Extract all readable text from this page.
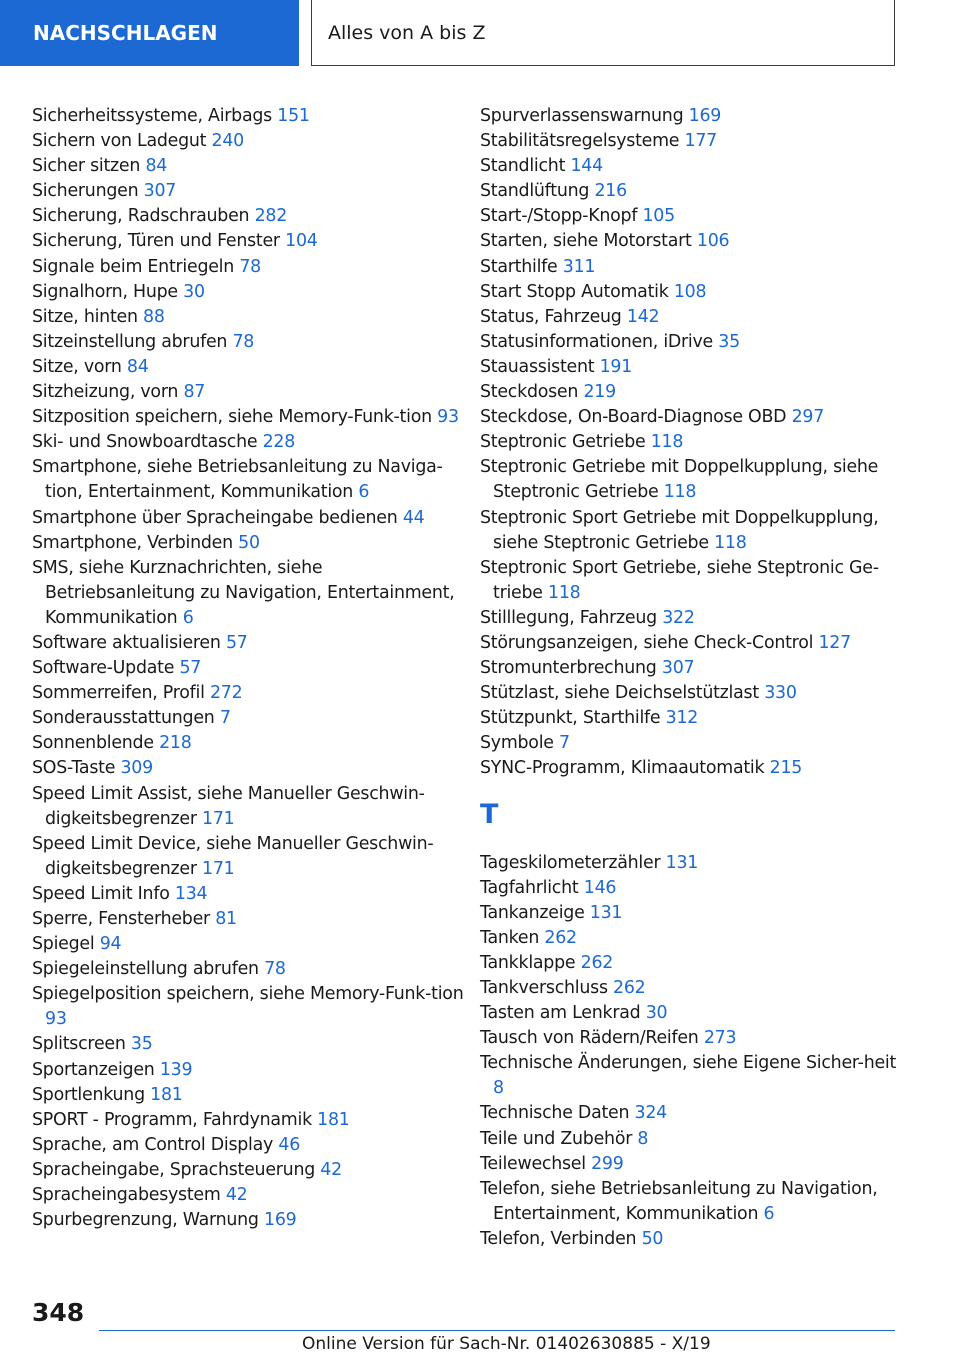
NACHSCHLAGEN	Alles von A bis Z
Sicherheitssysteme, Airbags 151
Sichern von Ladegut 240
Sicher sitzen 84
Sicherungen 307
Sicherung, Radschrauben 282
Sicherung, Türen und Fenster 104
Signale beim Entriegeln 78
Signalhorn, Hupe 30
Sitze, hinten 88
Sitzeinstellung abrufen 78
Sitze, vorn 84
Sitzheizung, vorn 87
Sitzposition speichern, siehe Memory-Funk-tion 93
Ski- und Snowboardtasche 228
Smartphone, siehe Betriebsanleitung zu Naviga-tion, Entertainment, Kommunikation 6
Smartphone über Spracheingabe bedienen 44
Smartphone, Verbinden 50
SMS, siehe Kurznachrichten, siehe Betriebsanleitung zu Navigation, Entertainment, Kommunikation 6
Software aktualisieren 57
Software-Update 57
Sommerreifen, Profil 272
Sonderausstattungen 7
Sonnenblende 218
SOS-Taste 309
Speed Limit Assist, siehe Manueller Geschwin-digkeitsbegrenzer 171
Speed Limit Device, siehe Manueller Geschwin-digkeitsbegrenzer 171
Speed Limit Info 134
Sperre, Fensterheber 81
Spiegel 94
Spiegeleinstellung abrufen 78
Spiegelposition speichern, siehe Memory-Funk-tion 93
Splitscreen 35
Sportanzeigen 139
Sportlenkung 181
SPORT - Programm, Fahrdynamik 181
Sprache, am Control Display 46
Spracheingabe, Sprachsteuerung 42
Spracheingabesystem 42
Spurbegrenzung, Warnung 169
Spurverlassenswarnung 169
Stabilitätsregelsysteme 177
Standlicht 144
Standlüftung 216
Start-/Stopp-Knopf 105
Starten, siehe Motorstart 106
Starthilfe 311
Start Stopp Automatik 108
Status, Fahrzeug 142
Statusinformationen, iDrive 35
Stauassistent 191
Steckdosen 219
Steckdose, On-Board-Diagnose OBD 297
Steptronic Getriebe 118
Steptronic Getriebe mit Doppelkupplung, siehe Steptronic Getriebe 118
Steptronic Sport Getriebe mit Doppelkupplung, siehe Steptronic Getriebe 118
Steptronic Sport Getriebe, siehe Steptronic Ge-triebe 118
Stilllegung, Fahrzeug 322
Störungsanzeigen, siehe Check-Control 127
Stromunterbrechung 307
Stützlast, siehe Deichselstützlast 330
Stützpunkt, Starthilfe 312
Symbole 7
SYNC-Programm, Klimaautomatik 215
T
Tageskilometerzähler 131
Tagfahrlicht 146
Tankanzeige 131
Tanken 262
Tankklappe 262
Tankverschluss 262
Tasten am Lenkrad 30
Tausch von Rädern/Reifen 273
Technische Änderungen, siehe Eigene Sicher-heit 8
Technische Daten 324
Teile und Zubehör 8
Teilewechsel 299
Telefon, siehe Betriebsanleitung zu Navigation, Entertainment, Kommunikation 6
Telefon, Verbinden 50
348
Online Version für Sach-Nr. 01402630885 - X/19
